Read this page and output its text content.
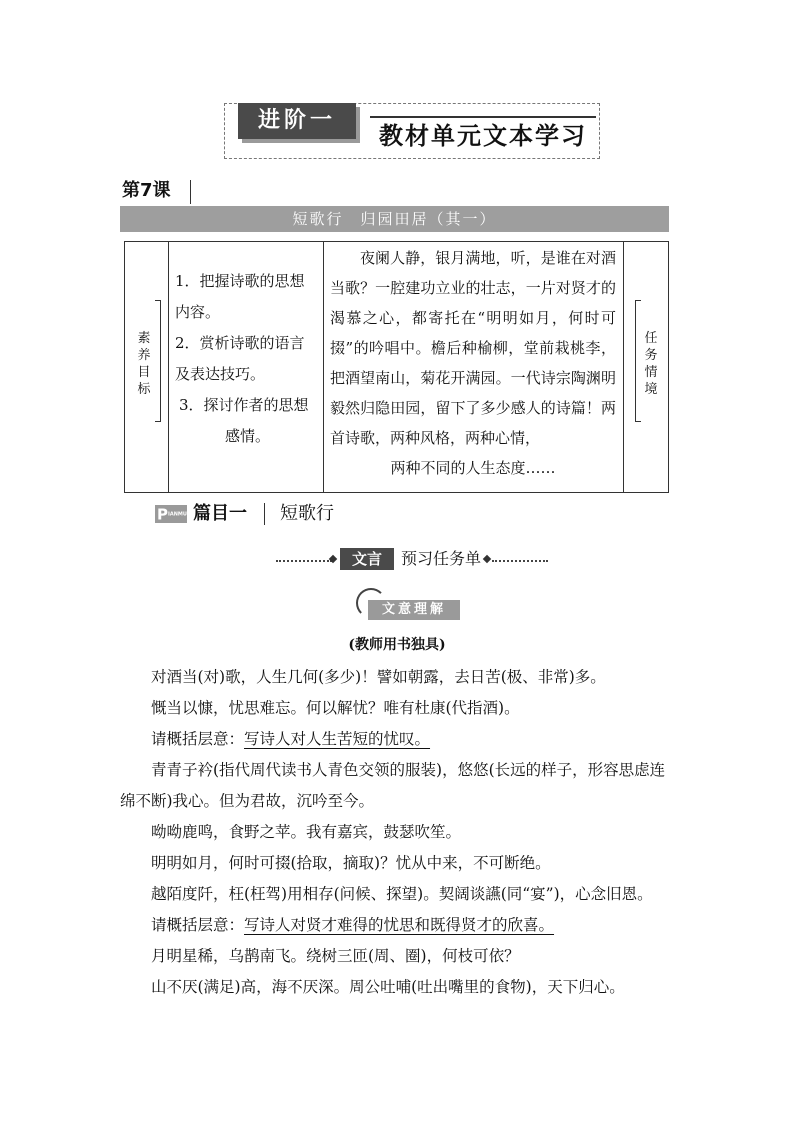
进阶一
教材单元文本学习
第7课
短歌行　归园田居（其一）
素养目标
任务情境
1．把握诗歌的思想
内容。
2．赏析诗歌的语言
及表达技巧。
3．探讨作者的思想
感情。
夜阑人静，银月满地，听，是谁在对酒当歌？一腔建功立业的壮志，一片对贤才的渴慕之心，都寄托在“明明如月，何时可掇”的吟唱中。檐后种榆柳，堂前栽桃李，把酒望南山，菊花开满园。一代诗宗陶渊明毅然归隐田园，留下了多少感人的诗篇！两首诗歌，两种风格，两种心情，
两种不同的人生态度……
PIANMU 篇目一 短歌行
文言	预习任务单
文意理解
(教师用书独具)

对酒当(对)歌，人生几何(多少)！譬如朝露，去日苦(极、非常)多。

慨当以慷，忧思难忘。何以解忧？唯有杜康(代指酒)。

请概括层意：写诗人对人生苦短的忧叹。

青青子衿(指代周代读书人青色交领的服装)，悠悠(长远的样子，形容思虑连绵不断)我心。但为君故，沉吟至今。

呦呦鹿鸣，食野之苹。我有嘉宾，鼓瑟吹笙。

明明如月，何时可掇(拾取，摘取)？忧从中来，不可断绝。

越陌度阡，枉(枉驾)用相存(问候、探望)。契阔谈讌(同“宴”)，心念旧恩。

请概括层意：写诗人对贤才难得的忧思和既得贤才的欣喜。

月明星稀，乌鹊南飞。绕树三匝(周、圈)，何枝可依？

山不厌(满足)高，海不厌深。周公吐哺(吐出嘴里的食物)，天下归心。
